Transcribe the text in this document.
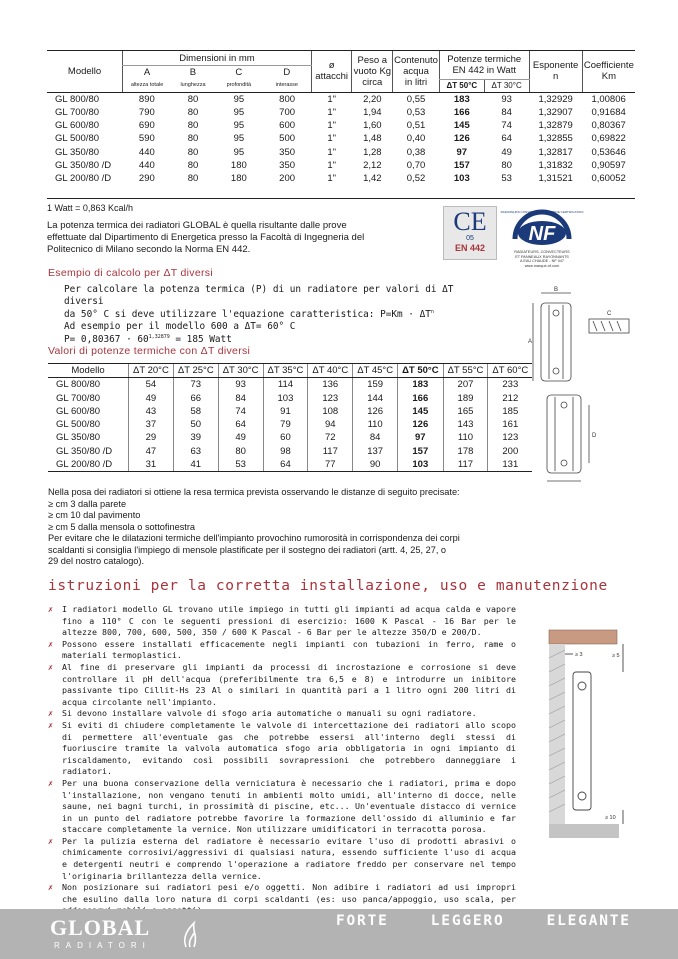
Modello	Dimensioni in mm				ø
attacchi	Peso a
vuoto Kg
circa	Contenuto
acqua
in litri	Potenze termiche
EN 442 in Watt		Esponente
n	Coefficiente
Km
	A	B	C	D							
	altezza totale	lunghezza	profondità	interasse				ΔT 50°C	ΔT 30°C		
GL 800/80	890	80	95	800	1"	2,20	0,55	183	93	1,32929	1,00806
GL 700/80	790	80	95	700	1"	1,94	0,53	166	84	1,32907	0,91684
GL 600/80	690	80	95	600	1"	1,60	0,51	145	74	1,32879	0,80367
GL 500/80	590	80	95	500	1"	1,48	0,40	126	64	1,32855	0,69822
GL 350/80	440	80	95	350	1"	1,28	0,38	97	49	1,32817	0,53646
GL 350/80 /D	440	80	180	350	1"	2,12	0,70	157	80	1,31832	0,90597
GL 200/80 /D	290	80	180	200	1"	1,42	0,52	103	53	1,31521	0,60052
1 Watt = 0,863 Kcal/h
La potenza termica dei radiatori GLOBAL è quella risultante dalle prove effettuate dal Dipartimento di Energetica presso la Facoltà di Ingegneria del Politecnico di Milano secondo la Norma EN 442.
CE
05
EN 442
NF
RADIATEURS CONVECTEURS - CERTIFIE CERTIFICATION
RADIATEURS, CONVECTEURS
ET PANNEAUX RAYONNANTS
A EAU CHAUDE - NF 047
www.marque-nf.com
Esempio di calcolo per ΔT diversi
Per calcolare la potenza termica (P) di un radiatore per valori di ΔT diversi
da 50° C si deve utilizzare l'equazione caratteristica: $P=Km \cdot \Delta T^n$
Ad esempio per il modello 600 a ΔT= 60° C
$P= 0,80367 \cdot 60^{1,32879} = 185$ Watt	A
B
C
D
Valori di potenze termiche con ΔT diversi
Modello	ΔT 20°C	ΔT 25°C	ΔT 30°C	ΔT 35°C	ΔT 40°C	ΔT 45°C	ΔT 50°C	ΔT 55°C	ΔT 60°C
GL 800/80	54	73	93	114	136	159	183	207	233
GL 700/80	49	66	84	103	123	144	166	189	212
GL 600/80	43	58	74	91	108	126	145	165	185
GL 500/80	37	50	64	79	94	110	126	143	161
GL 350/80	29	39	49	60	72	84	97	110	123
GL 350/80 /D	47	63	80	98	117	137	157	178	200
GL 200/80 /D	31	41	53	64	77	90	103	117	131
Nella posa dei radiatori si ottiene la resa termica prevista osservando le distanze di seguito precisate:
≥ cm 3 dalla parete
≥ cm 10 dal pavimento
≥ cm 5 dalla mensola o sottofinestra
Per evitare che le dilatazioni termiche dell'impianto provochino rumorosità in corrispondenza dei corpi
scaldanti si consiglia l'impiego di mensole plastificate per il sostegno dei radiatori (artt. 4, 25, 27, o
29 del nostro catalogo).
istruzioni per la corretta installazione, uso e manutenzione
✗ I radiatori modello GL trovano utile impiego in tutti gli impianti ad acqua calda e vapore fino a 110° C con le seguenti pressioni di esercizio: 1600 K Pascal - 16 Bar per le altezze 800, 700, 600, 500, 350 / 600 K Pascal - 6 Bar per le altezze 350/D e 200/D.
✗ Possono essere installati efficacemente negli impianti con tubazioni in ferro, rame o materiali termoplastici.
✗ Al fine di preservare gli impianti da processi di incrostazione e corrosione si deve controllare il pH dell'acqua (preferibilmente tra 6,5 e 8) e introdurre un inibitore passivante tipo Cillit-Hs 23 Al o similari in quantità pari a 1 litro ogni 200 litri di acqua circolante nell'impianto.
✗ Si devono installare valvole di sfogo aria automatiche o manuali su ogni radiatore.
✗ Si eviti di chiudere completamente le valvole di intercettazione dei radiatori allo scopo di permettere all'eventuale gas che potrebbe essersi all'interno degli stessi di fuoriuscire tramite la valvola automatica sfogo aria obbligatoria in ogni impianto di riscaldamento, evitando così possibili sovrapressioni che potrebbero danneggiare i radiatori.
✗ Per una buona conservazione della verniciatura è necessario che i radiatori, prima e dopo l'installazione, non vengano tenuti in ambienti molto umidi, all'interno di docce, nelle saune, nei bagni turchi, in prossimità di piscine, etc... Un'eventuale distacco di vernice in un punto del radiatore potrebbe favorire la formazione dell'ossido di alluminio e far staccare completamente la vernice. Non utilizzare umidificatori in terracotta porosa.
✗ Per la pulizia esterna del radiatore è necessario evitare l'uso di prodotti abrasivi o chimicamente corrosivi/aggressivi di qualsiasi natura, essendo sufficiente l'uso di acqua e detergenti neutri e comprendo l'operazione a radiatore freddo per conservare nel tempo l'originaria brillantezza della vernice.
✗ Non posizionare sui radiatori pesi e/o oggetti. Non adibire i radiatori ad usi impropri che esulino dalla loro natura di corpi scaldanti (es: uso panca/appoggio, uso scala, per
≥ 3	≥ 5
≥ 10
GLOBAL
RADIATORI
FORTE    LEGGERO    ELEGANTE
